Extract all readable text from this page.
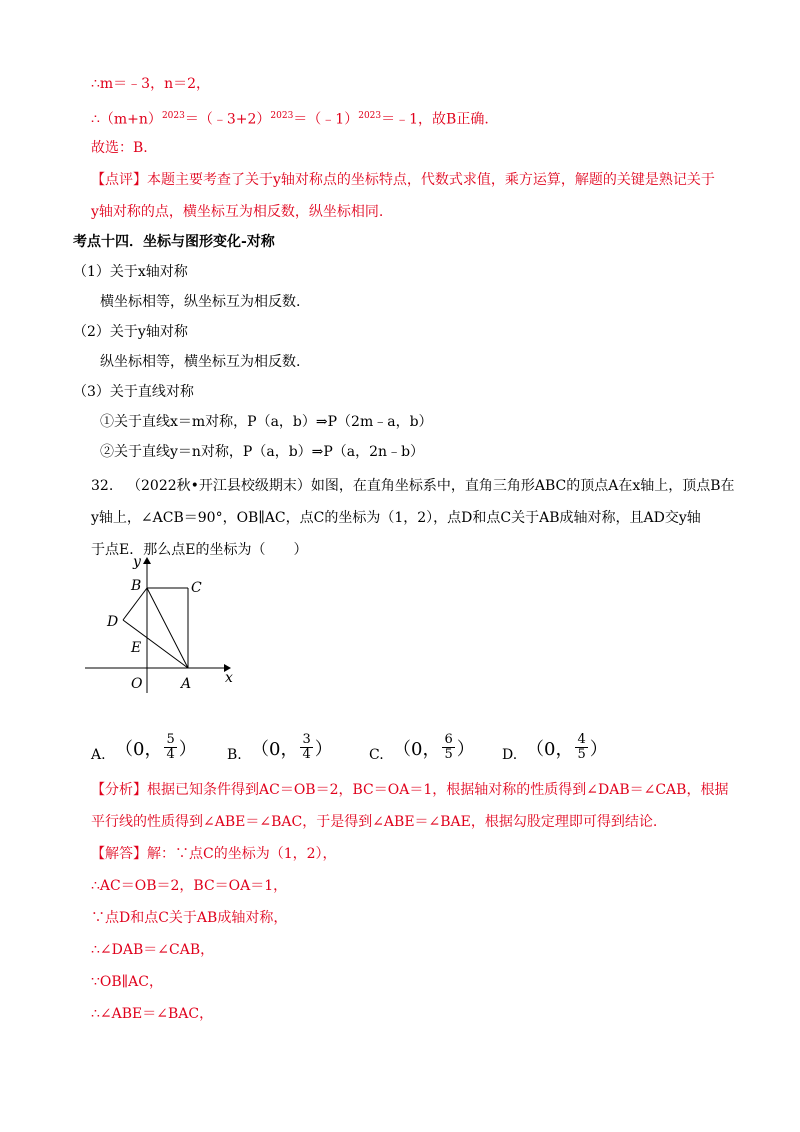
∴m＝﹣3，n＝2，
$\therefore(m+n)^{2023}=(﹣3+2)^{2023}=(﹣1)^{2023}=﹣1$，故B正确.
故选：B.
【点评】本题主要考查了关于y轴对称点的坐标特点，代数式求值，乘方运算，解题的关键是熟记关于
y轴对称的点，横坐标互为相反数，纵坐标相同.
考点十四．坐标与图形变化-对称
（1）关于x轴对称
横坐标相等，纵坐标互为相反数.
（2）关于y轴对称
纵坐标相等，横坐标互为相反数.
（3）关于直线对称
①关于直线x＝m对称，P（a，b）⇒P（2m﹣a，b）
②关于直线y＝n对称，P（a，b）⇒P（a，2n﹣b）
32. （2022秋•开江县校级期末）如图，在直角坐标系中，直角三角形ABC的顶点A在x轴上，顶点B在
y轴上，∠ACB＝90°，OB∥AC，点C的坐标为（1，2），点D和点C关于AB成轴对称，且AD交y轴
于点E．那么点E的坐标为（　　）
y
x
B	C
D
E
O	A
A. （0， $\frac{5}{4}$ ） B. （0， $\frac{3}{4}$ ）	C. （0， $\frac{6}{5}$ ） D. （0， $\frac{4}{5}$ ）
【分析】根据已知条件得到AC＝OB＝2，BC＝OA＝1，根据轴对称的性质得到∠DAB＝∠CAB，根据
平行线的性质得到∠ABE＝∠BAC，于是得到∠ABE＝∠BAE，根据勾股定理即可得到结论.
【解答】解：∵点C的坐标为（1，2），
∴AC＝OB＝2，BC＝OA＝1，
∵点D和点C关于AB成轴对称，
∴∠DAB＝∠CAB，
∵OB∥AC，
∴∠ABE＝∠BAC，
